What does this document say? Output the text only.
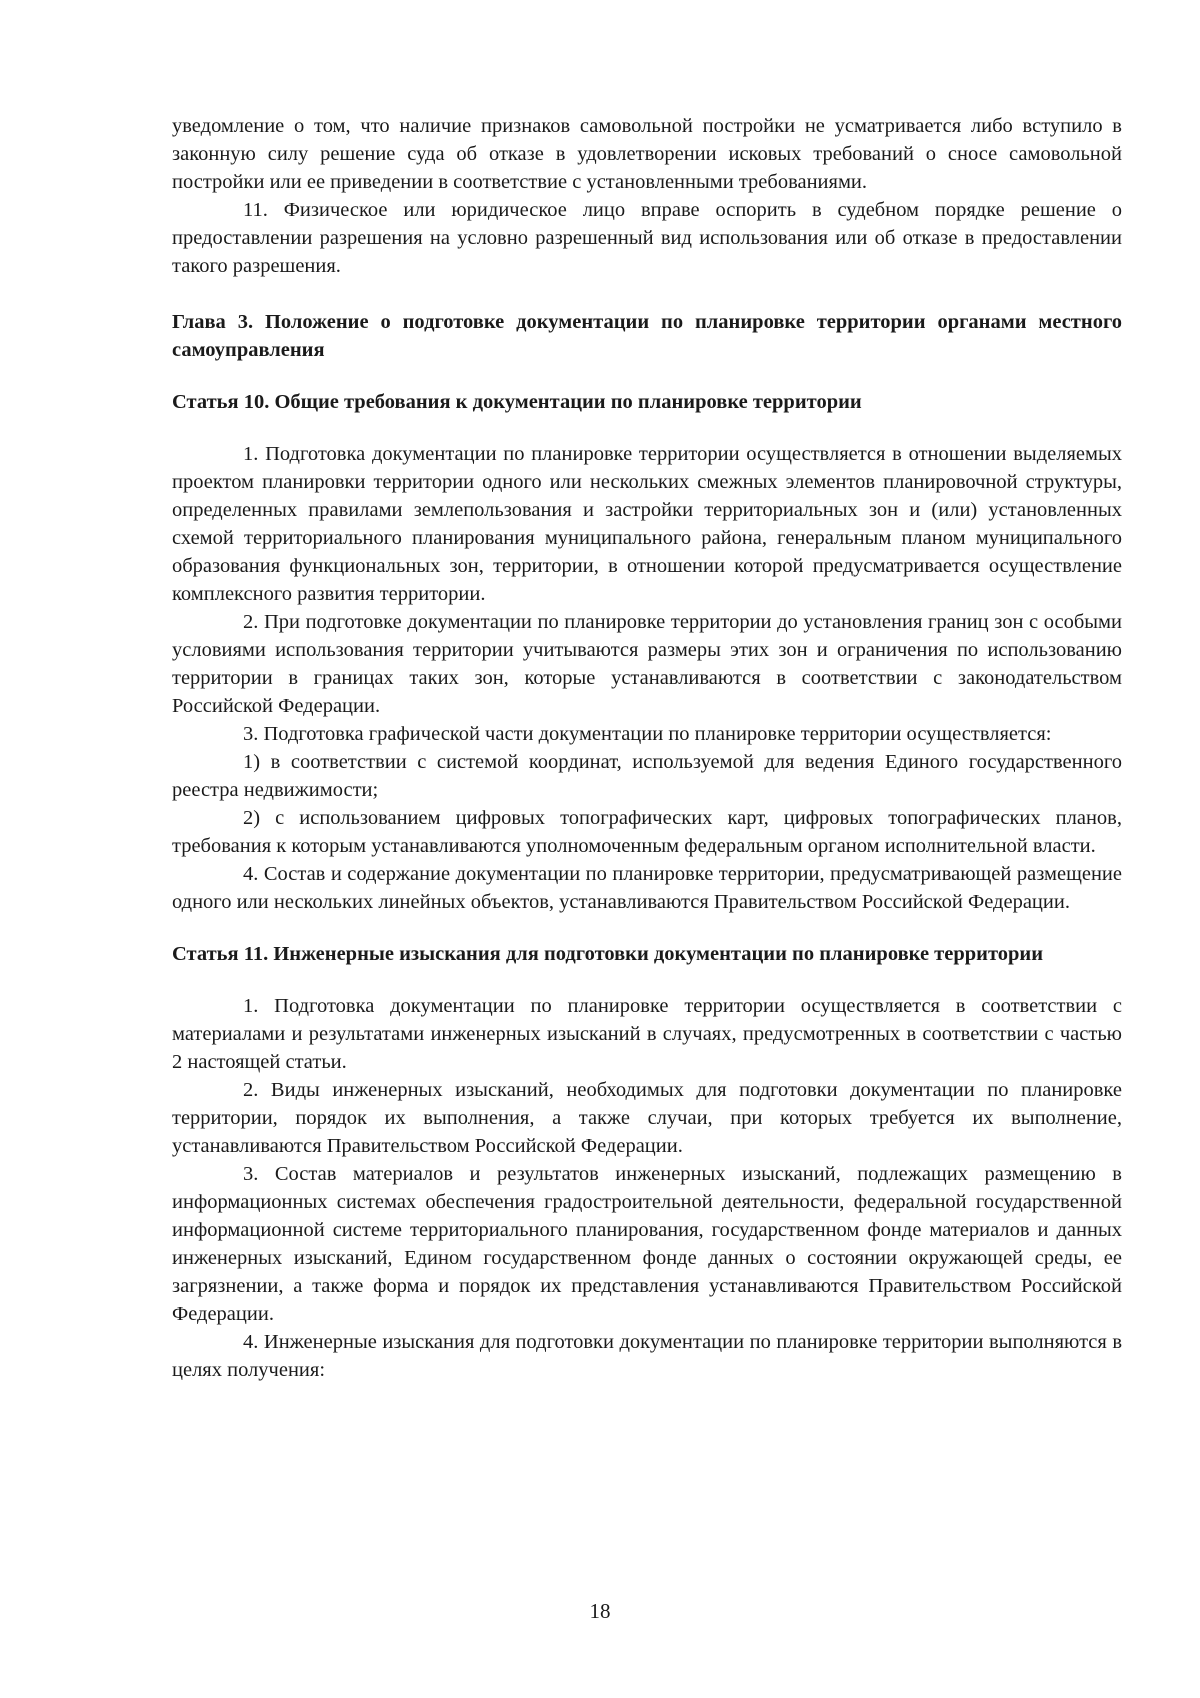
уведомление о том, что наличие признаков самовольной постройки не усматривается либо вступило в законную силу решение суда об отказе в удовлетворении исковых требований о сносе самовольной постройки или ее приведении в соответствие с установленными требованиями.

11. Физическое или юридическое лицо вправе оспорить в судебном порядке решение о предоставлении разрешения на условно разрешенный вид использования или об отказе в предоставлении такого разрешения.

Глава 3. Положение о подготовке документации по планировке территории органами местного самоуправления

Статья 10. Общие требования к документации по планировке территории

1. Подготовка документации по планировке территории осуществляется в отношении выделяемых проектом планировки территории одного или нескольких смежных элементов планировочной структуры, определенных правилами землепользования и застройки территориальных зон и (или) установленных схемой территориального планирования муниципального района, генеральным планом муниципального образования функциональных зон, территории, в отношении которой предусматривается осуществление комплексного развития территории.

2. При подготовке документации по планировке территории до установления границ зон с особыми условиями использования территории учитываются размеры этих зон и ограничения по использованию территории в границах таких зон, которые устанавливаются в соответствии с законодательством Российской Федерации.

3. Подготовка графической части документации по планировке территории осуществляется:

1) в соответствии с системой координат, используемой для ведения Единого государственного реестра недвижимости;

2) с использованием цифровых топографических карт, цифровых топографических планов, требования к которым устанавливаются уполномоченным федеральным органом исполнительной власти.

4. Состав и содержание документации по планировке территории, предусматривающей размещение одного или нескольких линейных объектов, устанавливаются Правительством Российской Федерации.

Статья 11. Инженерные изыскания для подготовки документации по планировке территории

1. Подготовка документации по планировке территории осуществляется в соответствии с материалами и результатами инженерных изысканий в случаях, предусмотренных в соответствии с частью 2 настоящей статьи.

2. Виды инженерных изысканий, необходимых для подготовки документации по планировке территории, порядок их выполнения, а также случаи, при которых требуется их выполнение, устанавливаются Правительством Российской Федерации.

3. Состав материалов и результатов инженерных изысканий, подлежащих размещению в информационных системах обеспечения градостроительной деятельности, федеральной государственной информационной системе территориального планирования, государственном фонде материалов и данных инженерных изысканий, Едином государственном фонде данных о состоянии окружающей среды, ее загрязнении, а также форма и порядок их представления устанавливаются Правительством Российской Федерации.

4. Инженерные изыскания для подготовки документации по планировке территории выполняются в целях получения:

18
